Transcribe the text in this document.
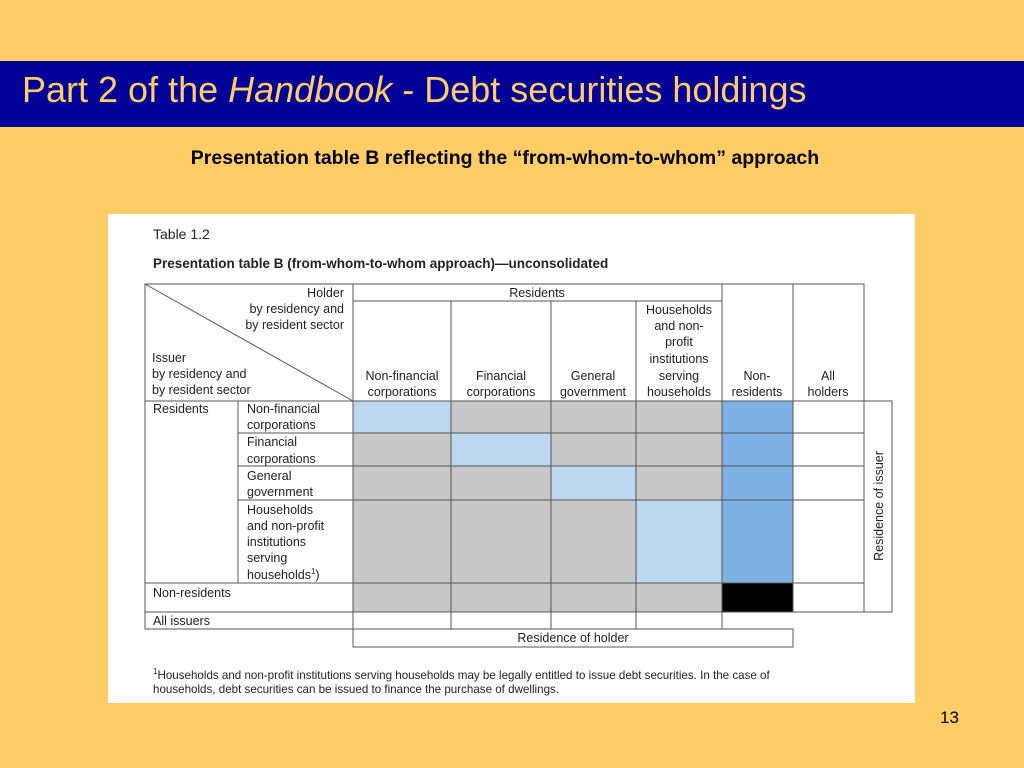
Part 2 of the Handbook - Debt securities holdings
Presentation table B reflecting the “from-whom-to-whom” approach
Table 1.2
Presentation table B (from-whom-to-whom approach)—unconsolidated
Holder
by residency and
by resident sector
Issuer
by residency and
by resident sector
Residents
Non-financial
corporations
Financial
corporations
General
government
Households
and non-
profit
institutions
serving
households
Non-
residents
All
holders
Residents	Non-financial
corporations
Financial
corporations
General
government
Households
and non-profit
institutions
serving
households$^1$)
Non-residents
All issuers
Residence of holder
Residence of issuer
$^1$Households and non-profit institutions serving households may be legally entitled to issue debt securities. In the case of
households, debt securities can be issued to finance the purchase of dwellings.
13
